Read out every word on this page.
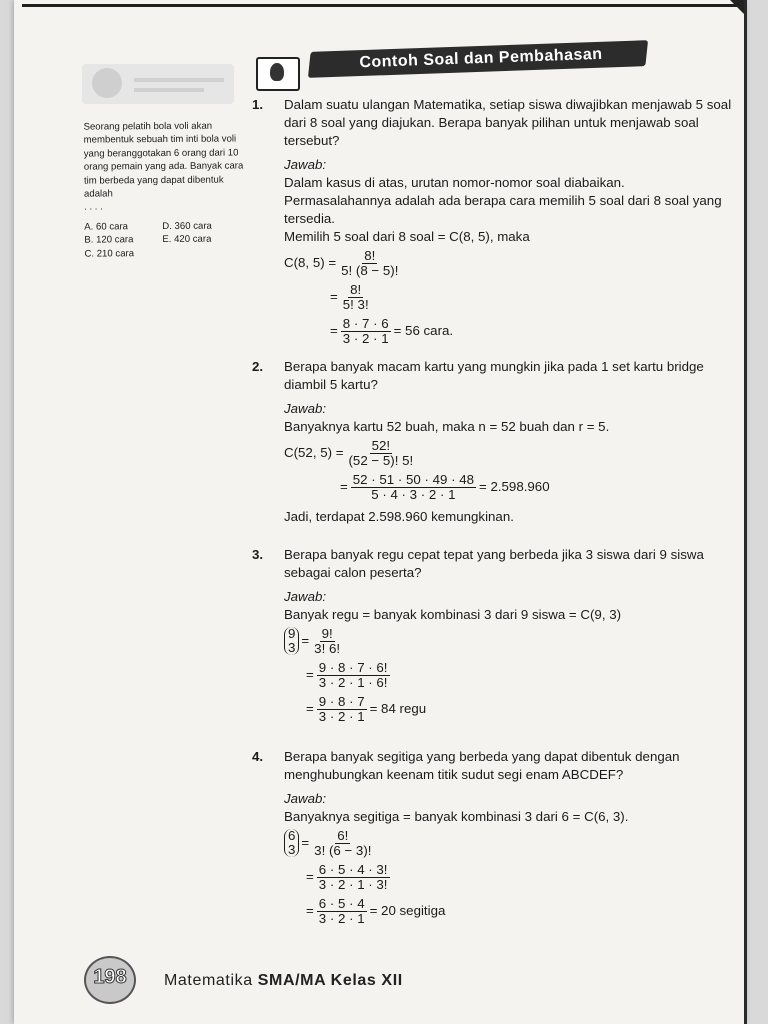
Contoh Soal dan Pembahasan

Seorang pelatih bola voli akan membentuk sebuah tim inti bola voli yang beranggotakan 6 orang dari 10 orang pemain yang ada. Banyak cara tim berbeda yang dapat dibentuk adalah

. . . .

A. 60 cara	D. 360 cara
B. 120 cara	E. 420 cara
C. 210 cara
1. Dalam suatu ulangan Matematika, setiap siswa diwajibkan menjawab 5 soal dari 8 soal yang diajukan. Berapa banyak pilihan untuk menjawab soal tersebut?
Jawab:
Dalam kasus di atas, urutan nomor-nomor soal diabaikan. Permasalahannya adalah ada berapa cara memilih 5 soal dari 8 soal yang tersedia.
Memilih 5 soal dari 8 soal = C(8, 5), maka
C(8, $5) = \frac{8!}{5! (8 - 5)!}$
= $\frac{8!}{5! 3!}$
= $\frac{8 \cdot 7 \cdot 6}{3 \cdot 2 \cdot 1} = 56$ cara.
2. Berapa banyak macam kartu yang mungkin jika pada 1 set kartu bridge diambil 5 kartu?
Jawab:
Banyaknya kartu 52 buah, maka n = 52 buah dan r = 5.
C(52, $5) = \frac{52!}{(52 - 5)! 5!}$
= $\frac{52 \cdot 51 \cdot 50 \cdot 49 \cdot 48}{5 \cdot 4 \cdot 3 \cdot 2 \cdot 1} = 2.598.960$
Jadi, terdapat 2.598.960 kemungkinan.
3. Berapa banyak regu cepat tepat yang berbeda jika 3 siswa dari 9 siswa sebagai calon peserta?
Jawab:
Banyak regu = banyak kombinasi 3 dari 9 siswa = C(9, 3)
9
$3 = \frac{9!}{3! 6!}$
= $\frac{9 \cdot 8 \cdot 7 \cdot 6!}{3 \cdot 2 \cdot 1 \cdot 6!}$
= $\frac{9 \cdot 8 \cdot 7}{3 \cdot 2 \cdot 1} = 84$ regu
4. Berapa banyak segitiga yang berbeda yang dapat dibentuk dengan menghubungkan keenam titik sudut segi enam ABCDEF?
Jawab:
Banyaknya segitiga = banyak kombinasi 3 dari 6 = C(6, 3).
6
$3 = \frac{6!}{3! (6 - 3)!}$
= $\frac{6 \cdot 5 \cdot 4 \cdot 3!}{3 \cdot 2 \cdot 1 \cdot 3!}$
= $\frac{6 \cdot 5 \cdot 4}{3 \cdot 2 \cdot 1} = 20$ segitiga
198	Matematika SMA/MA Kelas XII
